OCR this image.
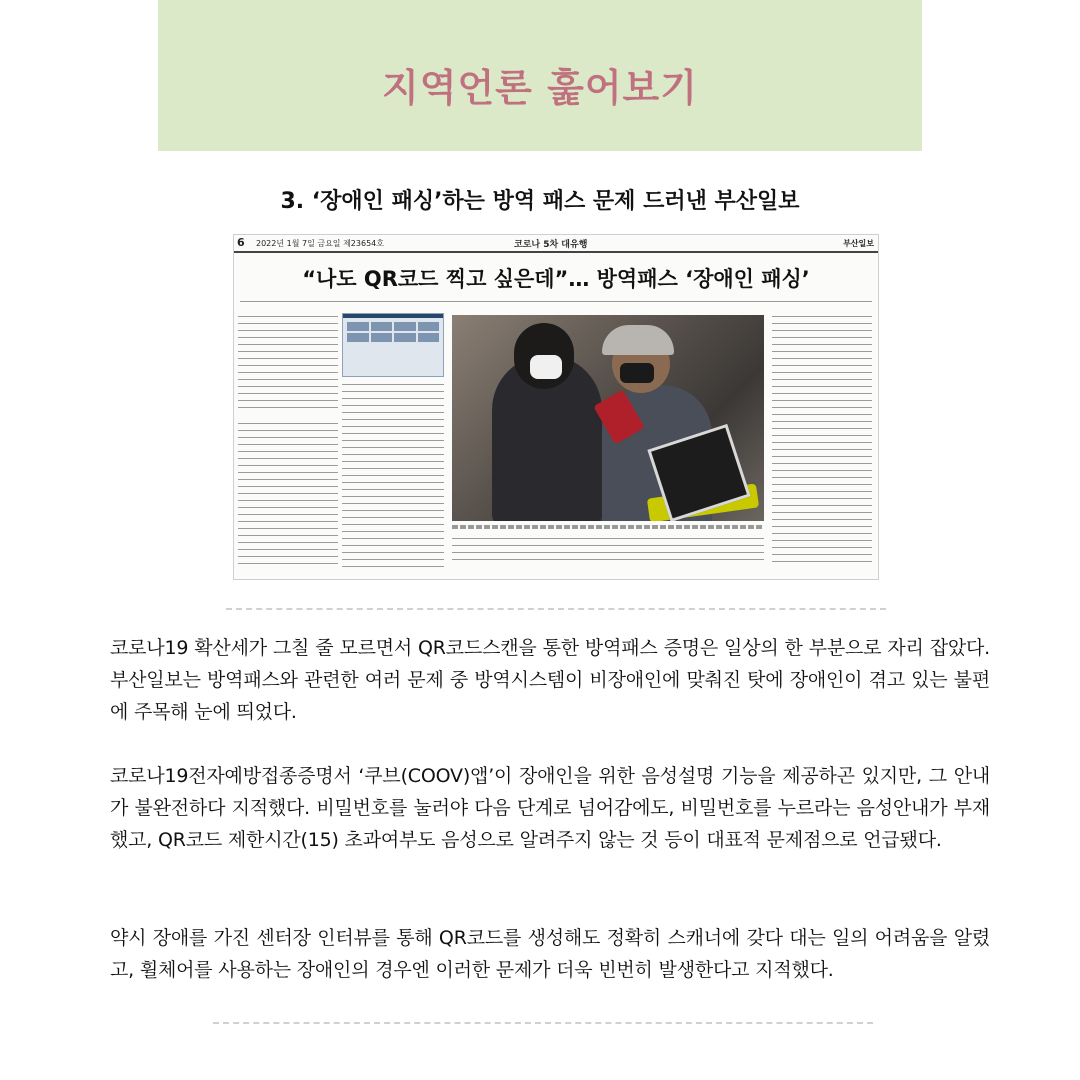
지역언론 훑어보기
3. ‘장애인 패싱’하는 방역 패스 문제 드러낸 부산일보
6 2022년 1월 7일 금요일 제23654호	코로나 5차 대유행	부산일보
“나도 QR코드 찍고 싶은데”… 방역패스 ‘장애인 패싱’
코로나19 확산세가 그칠 줄 모르면서 QR코드스캔을 통한 방역패스 증명은 일상의 한 부분으로 자리 잡았다. 부산일보는 방역패스와 관련한 여러 문제 중 방역시스템이 비장애인에 맞춰진 탓에 장애인이 겪고 있는 불편에 주목해 눈에 띄었다.
코로나19전자예방접종증명서 ‘쿠브(COOV)앱’이 장애인을 위한 음성설명 기능을 제공하곤 있지만, 그 안내가 불완전하다 지적했다. 비밀번호를 눌러야 다음 단계로 넘어감에도, 비밀번호를 누르라는 음성안내가 부재했고, QR코드 제한시간(15) 초과여부도 음성으로 알려주지 않는 것 등이 대표적 문제점으로 언급됐다.
약시 장애를 가진 센터장 인터뷰를 통해 QR코드를 생성해도 정확히 스캐너에 갖다 대는 일의 어려움을 알렸고, 휠체어를 사용하는 장애인의 경우엔 이러한 문제가 더욱 빈번히 발생한다고 지적했다.
